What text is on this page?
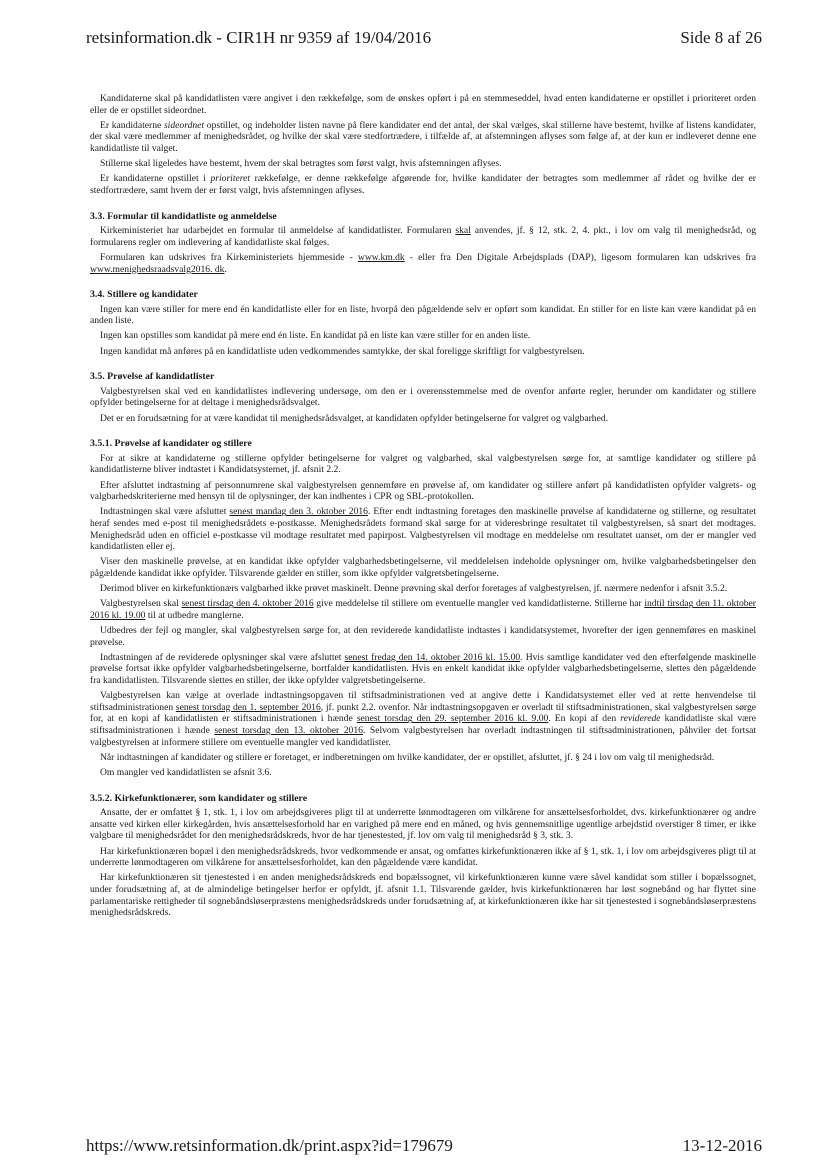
retsinformation.dk - CIR1H nr 9359 af 19/04/2016	Side 8 af 26

Kandidaterne skal på kandidatlisten være angivet i den rækkefølge, som de ønskes opført i på en stemmeseddel, hvad enten kandidaterne er opstillet i prioriteret orden eller de er opstillet sideordnet.

Er kandidaterne sideordnet opstillet, og indeholder listen navne på flere kandidater end det antal, der skal vælges, skal stillerne have bestemt, hvilke af listens kandidater, der skal være medlemmer af menighedsrådet, og hvilke der skal være stedfortrædere, i tilfælde af, at afstemningen aflyses som følge af, at der kun er indleveret denne ene kandidatliste til valget.

Stillerne skal ligeledes have bestemt, hvem der skal betragtes som først valgt, hvis afstemningen aflyses.

Er kandidaterne opstillet i prioriteret rækkefølge, er denne rækkefølge afgørende for, hvilke kandidater der betragtes som medlemmer af rådet og hvilke der er stedfortrædere, samt hvem der er først valgt, hvis afstemningen aflyses.

3.3. Formular til kandidatliste og anmeldelse

Kirkeministeriet har udarbejdet en formular til anmeldelse af kandidatlister. Formularen skal anvendes, jf. § 12, stk. 2, 4. pkt., i lov om valg til menighedsråd, og formularens regler om indlevering af kandidatliste skal følges.

Formularen kan udskrives fra Kirkeministeriets hjemmeside - www.km.dk - eller fra Den Digitale Arbejdsplads (DAP), ligesom formularen kan udskrives fra www.menighedsraadsvalg2016. dk.

3.4. Stillere og kandidater

Ingen kan være stiller for mere end én kandidatliste eller for en liste, hvorpå den pågældende selv er opført som kandidat. En stiller for en liste kan være kandidat på en anden liste.

Ingen kan opstilles som kandidat på mere end én liste. En kandidat på en liste kan være stiller for en anden liste.

Ingen kandidat må anføres på en kandidatliste uden vedkommendes samtykke, der skal foreligge skriftligt for valgbestyrelsen.

3.5. Prøvelse af kandidatlister

Valgbestyrelsen skal ved en kandidatlistes indlevering undersøge, om den er i overensstemmelse med de ovenfor anførte regler, herunder om kandidater og stillere opfylder betingelserne for at deltage i menighedsrådsvalget.

Det er en forudsætning for at være kandidat til menighedsrådsvalget, at kandidaten opfylder betingelserne for valgret og valgbarhed.

3.5.1. Prøvelse af kandidater og stillere

For at sikre at kandidaterne og stillerne opfylder betingelserne for valgret og valgbarhed, skal valgbestyrelsen sørge for, at samtlige kandidater og stillere på kandidatlisterne bliver indtastet i Kandidatsystemet, jf. afsnit 2.2.

Efter afsluttet indtastning af personnumrene skal valgbestyrelsen gennemføre en prøvelse af, om kandidater og stillere anført på kandidatlisten opfylder valgrets- og valgbarhedskriterierne med hensyn til de oplysninger, der kan indhentes i CPR og SBL-protokollen.

Indtastningen skal være afsluttet senest mandag den 3. oktober 2016. Efter endt indtastning foretages den maskinelle prøvelse af kandidaterne og stillerne, og resultatet heraf sendes med e-post til menighedsrådets e-postkasse. Menighedsrådets formand skal sørge for at videresbringe resultatet til valgbestyrelsen, så snart det modtages. Menighedsråd uden en officiel e-postkasse vil modtage resultatet med papirpost. Valgbestyrelsen vil modtage en meddelelse om resultatet uanset, om der er mangler ved kandidatlisten eller ej.

Viser den maskinelle prøvelse, at en kandidat ikke opfylder valgbarhedsbetingelserne, vil meddelelsen indeholde oplysninger om, hvilke valgbarhedsbetingelser den pågældende kandidat ikke opfylder. Tilsvarende gælder en stiller, som ikke opfylder valgretsbetingelserne.

Derimod bliver en kirkefunktionærs valgbarhed ikke prøvet maskinelt. Denne prøvning skal derfor foretages af valgbestyrelsen, jf. nærmere nedenfor i afsnit 3.5.2.

Valgbestyrelsen skal senest tirsdag den 4. oktober 2016 give meddelelse til stillere om eventuelle mangler ved kandidatlisterne. Stillerne har indtil tirsdag den 11. oktober 2016 kl. 19.00 til at udbedre manglerne.

Udbedres der fejl og mangler, skal valgbestyrelsen sørge for, at den reviderede kandidatliste indtastes i kandidatsystemet, hvorefter der igen gennemføres en maskinel prøvelse.

Indtastningen af de reviderede oplysninger skal være afsluttet senest fredag den 14. oktober 2016 kl. 15.00. Hvis samtlige kandidater ved den efterfølgende maskinelle prøvelse fortsat ikke opfylder valgbarhedsbetingelserne, bortfalder kandidatlisten. Hvis en enkelt kandidat ikke opfylder valgbarhedsbetingelserne, slettes den pågældende fra kandidatlisten. Tilsvarende slettes en stiller, der ikke opfylder valgretsbetingelserne.

Valgbestyrelsen kan vælge at overlade indtastningsopgaven til stiftsadministrationen ved at angive dette i Kandidatsystemet eller ved at rette henvendelse til stiftsadministrationen senest torsdag den 1. september 2016, jf. punkt 2.2. ovenfor. Når indtastningsopgaven er overladt til stiftsadministrationen, skal valgbestyrelsen sørge for, at en kopi af kandidatlisten er stiftsadministrationen i hænde senest torsdag den 29. september 2016 kl. 9.00. En kopi af den reviderede kandidatliste skal være stiftsadministrationen i hænde senest torsdag den 13. oktober 2016. Selvom valgbestyrelsen har overladt indtastningen til stiftsadministrationen, påhviler det fortsat valgbestyrelsen at informere stillere om eventuelle mangler ved kandidatlister.

Når indtastningen af kandidater og stillere er foretaget, er indberetningen om hvilke kandidater, der er opstillet, afsluttet, jf. § 24 i lov om valg til menighedsråd.

Om mangler ved kandidatlisten se afsnit 3.6.

3.5.2. Kirkefunktionærer, som kandidater og stillere

Ansatte, der er omfattet § 1, stk. 1, i lov om arbejdsgiveres pligt til at underrette lønmodtageren om vilkårene for ansættelsesforholdet, dvs. kirkefunktionærer og andre ansatte ved kirken eller kirkegården, hvis ansættelsesforhold har en varighed på mere end en måned, og hvis gennemsnitlige ugentlige arbejdstid overstiger 8 timer, er ikke valgbare til menighedsrådet for den menighedsrådskreds, hvor de har tjenestested, jf. lov om valg til menighedsråd § 3, stk. 3.

Har kirkefunktionæren bopæl i den menighedsrådskreds, hvor vedkommende er ansat, og omfattes kirkefunktionæren ikke af § 1, stk. 1, i lov om arbejdsgiveres pligt til at underrette lønmodtageren om vilkårene for ansættelsesforholdet, kan den pågældende være kandidat.

Har kirkefunktionæren sit tjenestested i en anden menighedsrådskreds end bopælssognet, vil kirkefunktionæren kunne være såvel kandidat som stiller i bopælssognet, under forudsætning af, at de almindelige betingelser herfor er opfyldt, jf. afsnit 1.1. Tilsvarende gælder, hvis kirkefunktionæren har løst sognebånd og har flyttet sine parlamentariske rettigheder til sognebåndsløserpræstens menighedsrådskreds under forudsætning af, at kirkefunktionæren ikke har sit tjenestested i sognebåndsløserpræstens menighedsrådskreds.

https://www.retsinformation.dk/print.aspx?id=179679	13-12-2016
